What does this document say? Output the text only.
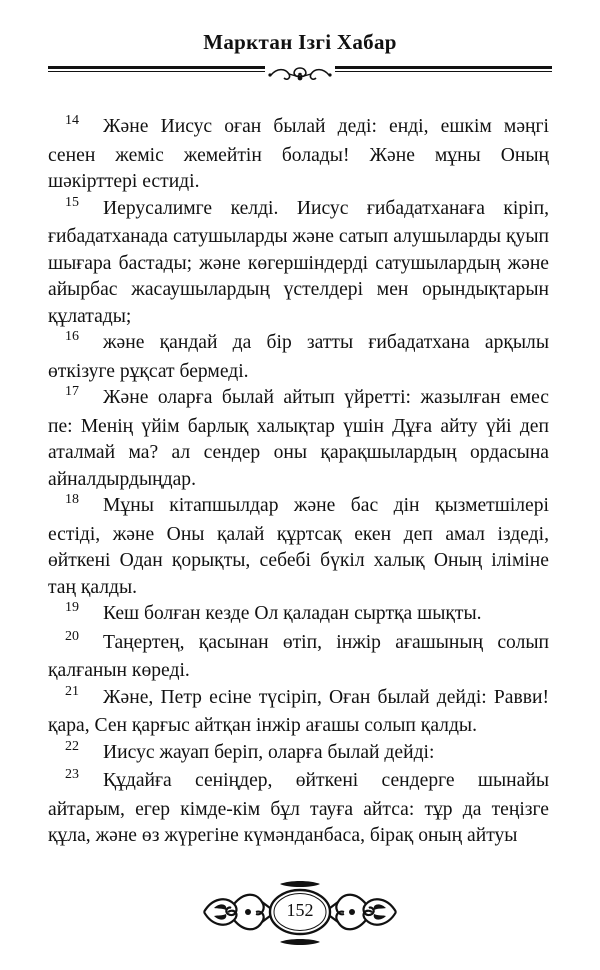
Марктан Ізгі Хабар

14 Және Иисус оған былай деді: енді, ешкім мәңгі сенен жеміс жемейтін болады! Және мұны Оның шәкірттері естиді.

15 Иерусалимге келді. Иисус ғибадатханаға кіріп, ғибадатханада сатушыларды және сатып алушыларды қуып шығара бастады; және көгершіндерді сатушылардың және айырбас жасаушылардың үстелдері мен орындықтарын құлатады;

16 және қандай да бір затты ғибадатхана арқылы өткізуге рұқсат бермеді.

17 Және оларға былай айтып үйретті: жазылған емес пе: Менің үйім барлық халықтар үшін Дұға айту үйі деп аталмай ма? ал сендер оны қарақшылардың ордасына айналдырдыңдар.

18 Мұны кітапшылдар және бас дін қызметшілері естіді, және Оны қалай құртсақ екен деп амал іздеді, өйткені Одан қорықты, себебі бүкіл халық Оның іліміне таң қалды.

19 Кеш болған кезде Ол қаладан сыртқа шықты.

20 Таңертең, қасынан өтіп, інжір ағашының солып қалғанын көреді.

21 Және, Петр есіне түсіріп, Оған былай дейді: Равви! қара, Сен қарғыс айтқан інжір ағашы солып қалды.

22 Иисус жауап беріп, оларға былай дейді:

23 Құдайға сеніңдер, өйткені сендерге шынайы айтарым, егер кімде-кім бұл тауға айтса: тұр да теңізге құла, және өз жүрегіне күмәнданбаса, бірақ оның айтуы

152
